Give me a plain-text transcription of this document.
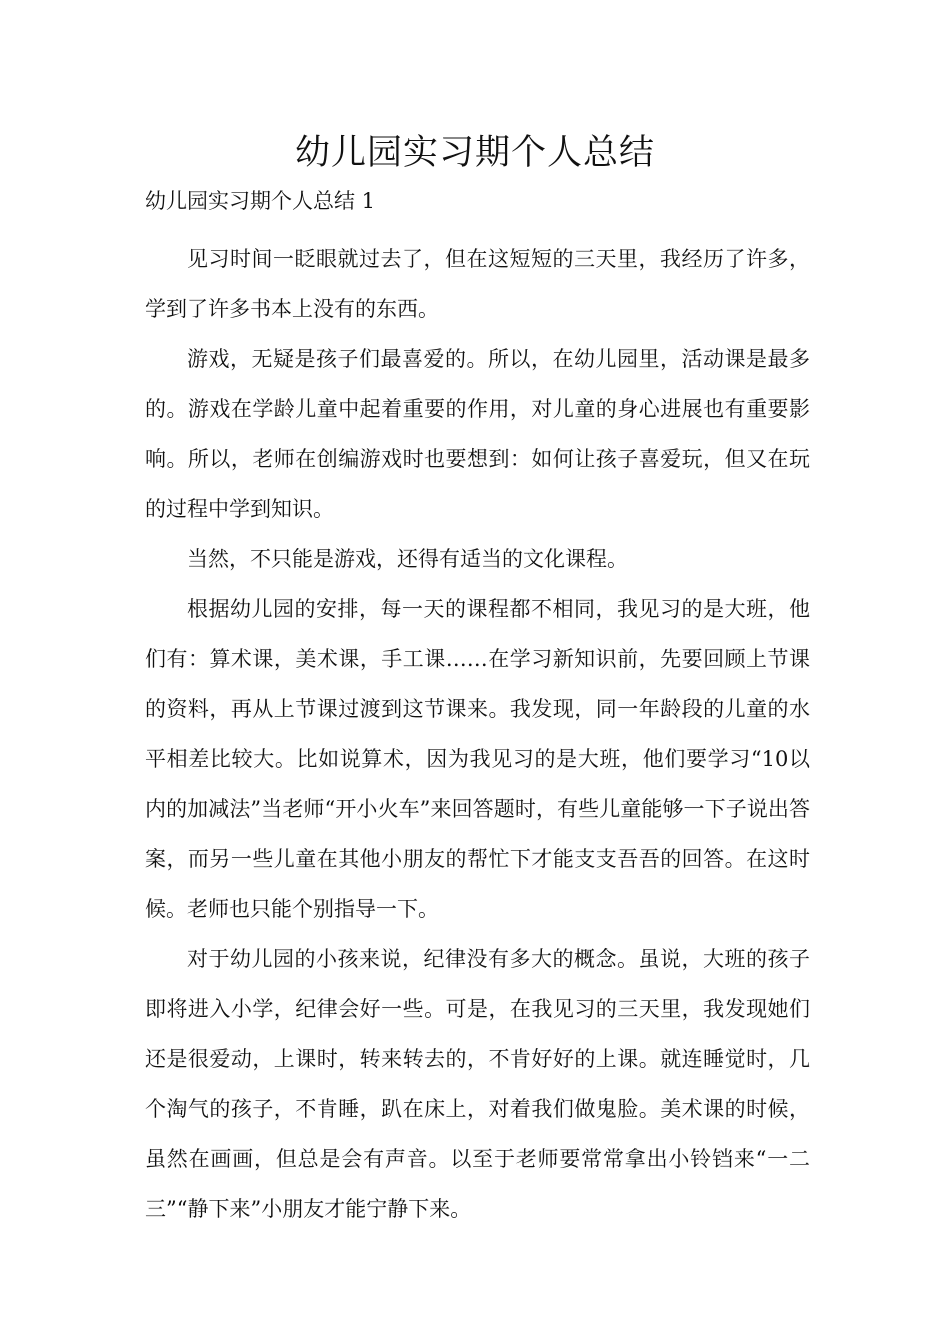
幼儿园实习期个人总结

幼儿园实习期个人总结 1

见习时间一眨眼就过去了，但在这短短的三天里，我经历了许多，学到了许多书本上没有的东西。

游戏，无疑是孩子们最喜爱的。所以，在幼儿园里，活动课是最多的。游戏在学龄儿童中起着重要的作用，对儿童的身心进展也有重要影响。所以，老师在创编游戏时也要想到：如何让孩子喜爱玩，但又在玩的过程中学到知识。

当然，不只能是游戏，还得有适当的文化课程。

根据幼儿园的安排，每一天的课程都不相同，我见习的是大班，他们有：算术课，美术课，手工课……在学习新知识前，先要回顾上节课的资料，再从上节课过渡到这节课来。我发现，同一年龄段的儿童的水平相差比较大。比如说算术，因为我见习的是大班，他们要学习“10以内的加减法”当老师“开小火车”来回答题时，有些儿童能够一下子说出答案，而另一些儿童在其他小朋友的帮忙下才能支支吾吾的回答。在这时候。老师也只能个别指导一下。

对于幼儿园的小孩来说，纪律没有多大的概念。虽说，大班的孩子即将进入小学，纪律会好一些。可是，在我见习的三天里，我发现她们还是很爱动，上课时，转来转去的，不肯好好的上课。就连睡觉时，几个淘气的孩子，不肯睡，趴在床上，对着我们做鬼脸。美术课的时候，虽然在画画，但总是会有声音。以至于老师要常常拿出小铃铛来“一二三”“静下来”小朋友才能宁静下来。
